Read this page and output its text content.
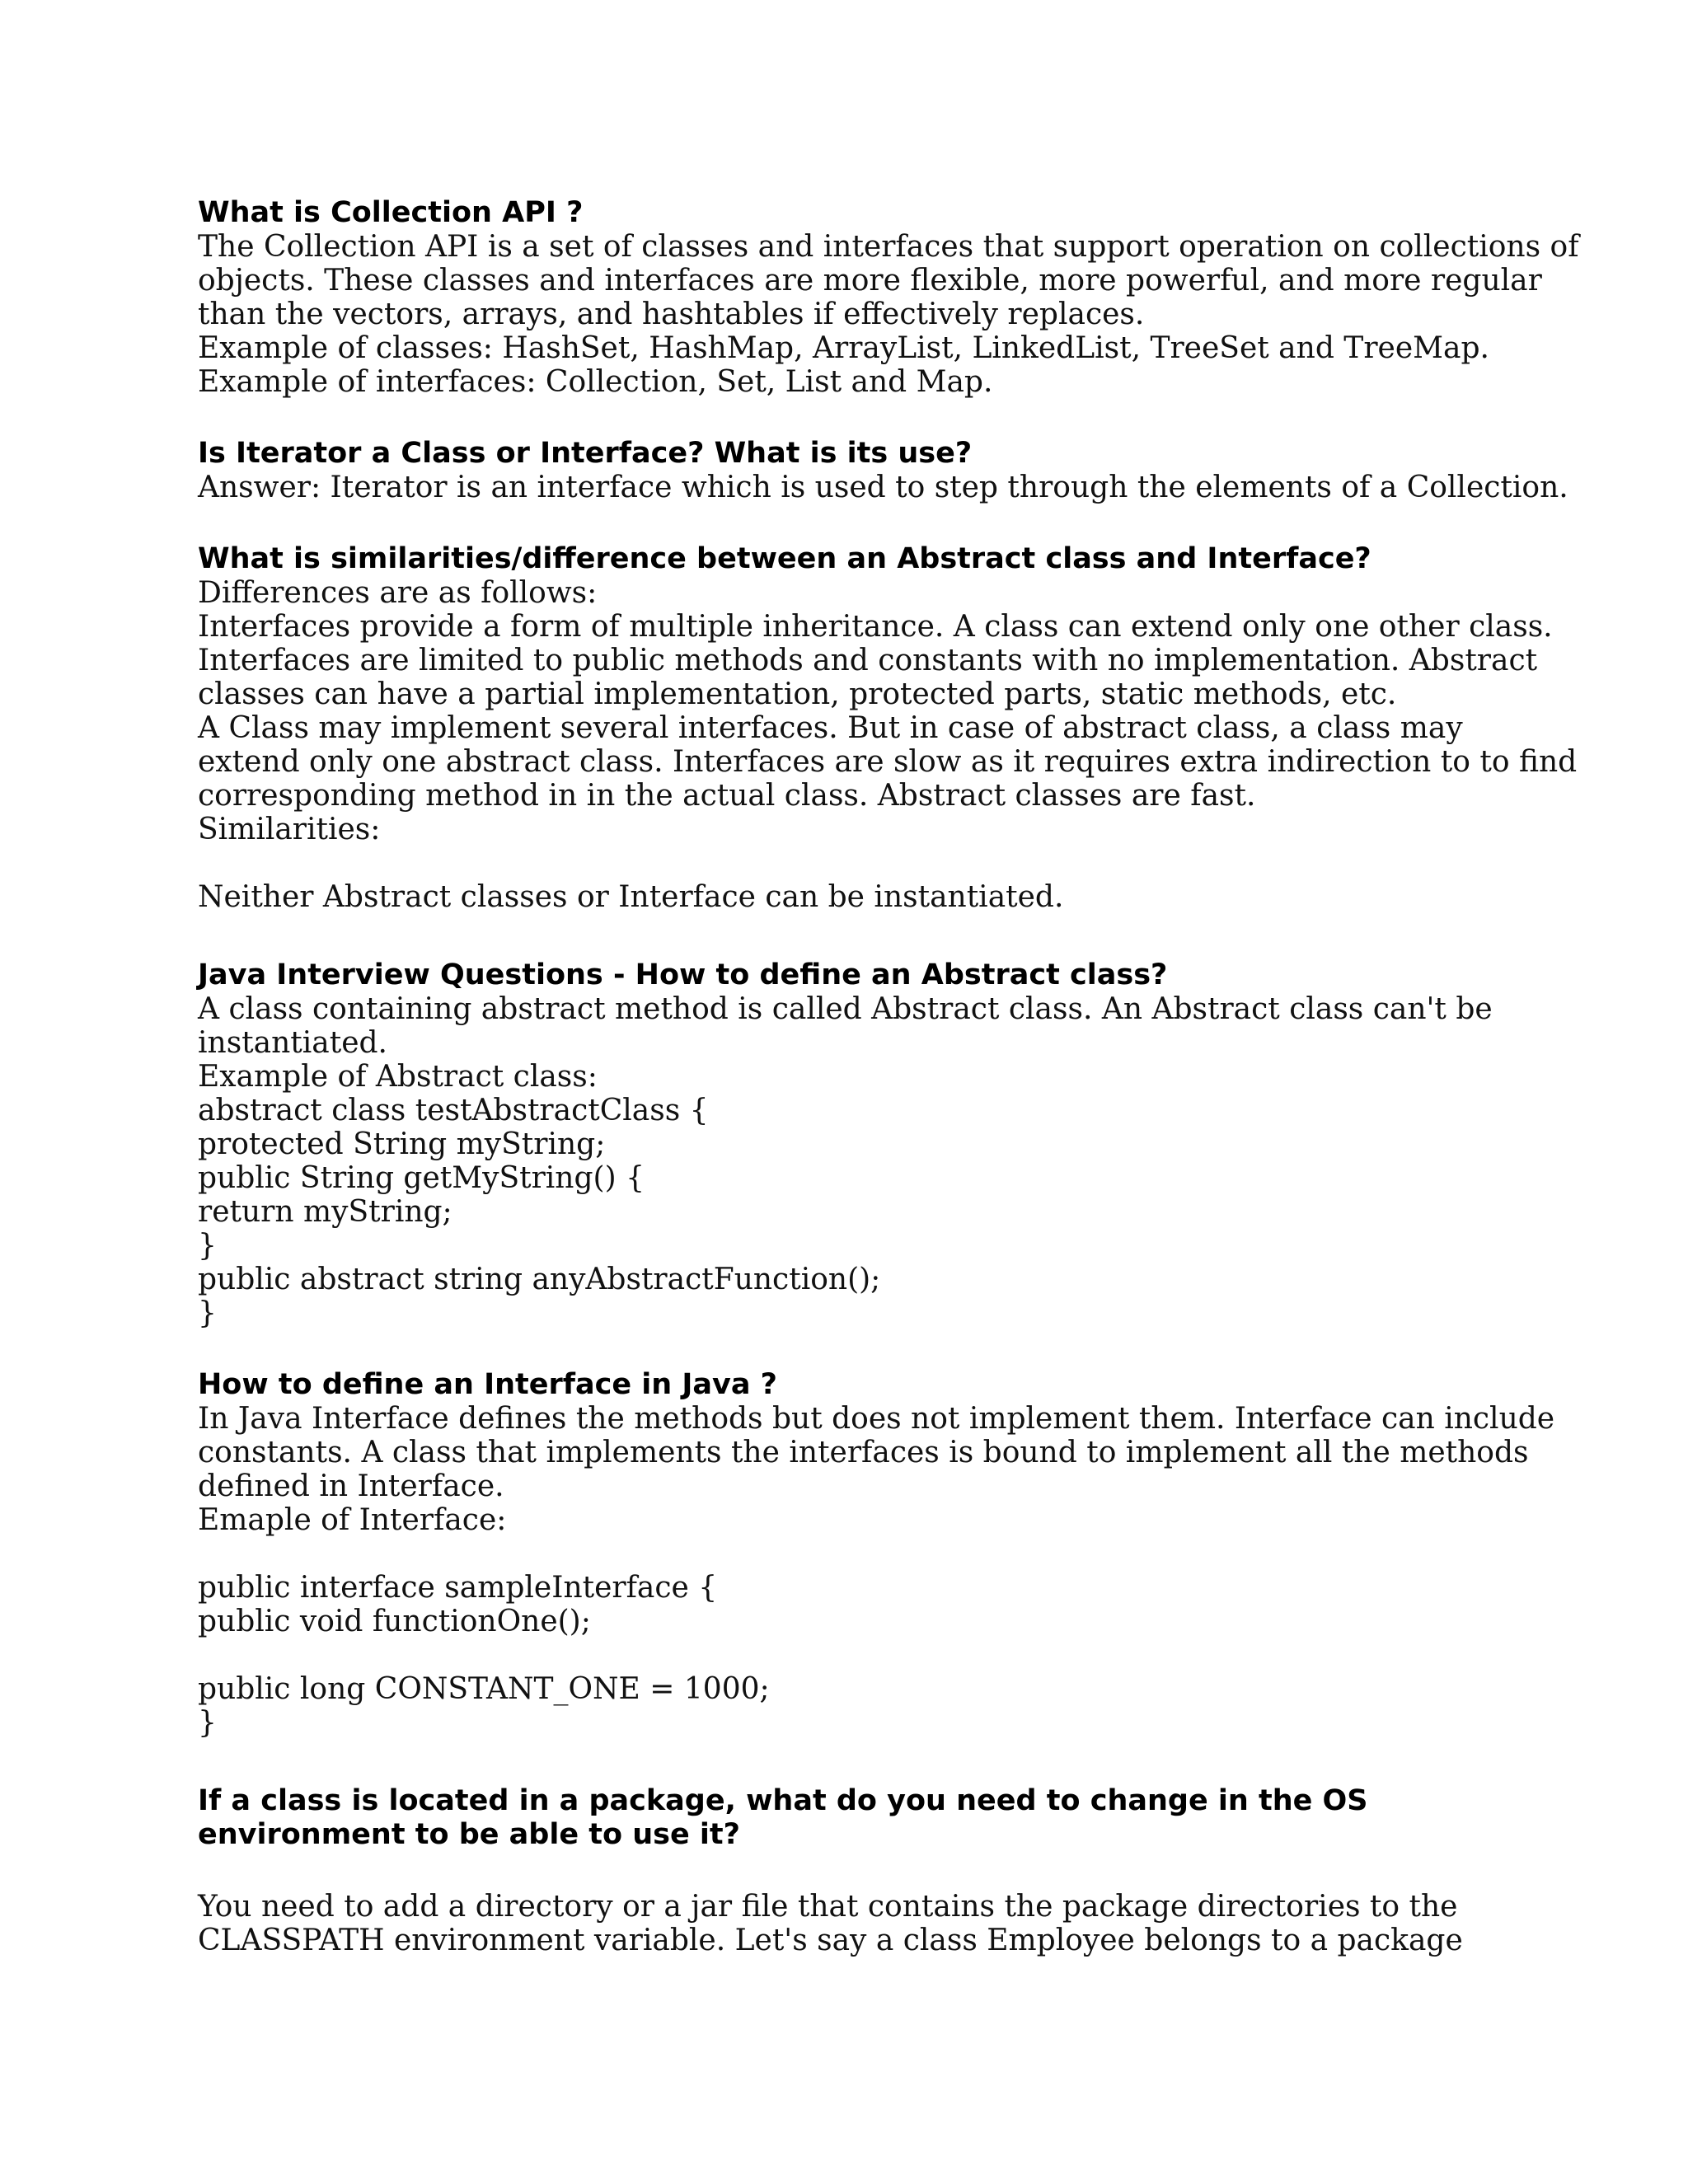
What is Collection API ?

The Collection API is a set of classes and interfaces that support operation on collections of

objects. These classes and interfaces are more flexible, more powerful, and more regular

than the vectors, arrays, and hashtables if effectively replaces.

Example of classes: HashSet, HashMap, ArrayList, LinkedList, TreeSet and TreeMap.

Example of interfaces: Collection, Set, List and Map.

Is Iterator a Class or Interface? What is its use?

Answer: Iterator is an interface which is used to step through the elements of a Collection.

What is similarities/difference between an Abstract class and Interface?

Differences are as follows:

Interfaces provide a form of multiple inheritance. A class can extend only one other class.

Interfaces are limited to public methods and constants with no implementation. Abstract

classes can have a partial implementation, protected parts, static methods, etc.

A Class may implement several interfaces. But in case of abstract class, a class may

extend only one abstract class. Interfaces are slow as it requires extra indirection to to find

corresponding method in in the actual class. Abstract classes are fast.

Similarities:

Neither Abstract classes or Interface can be instantiated.

Java Interview Questions - How to define an Abstract class?

A class containing abstract method is called Abstract class. An Abstract class can't be

instantiated.

Example of Abstract class:

abstract class testAbstractClass {

protected String myString;

public String getMyString() {

return myString;

}

public abstract string anyAbstractFunction();

}

How to define an Interface in Java ?

In Java Interface defines the methods but does not implement them. Interface can include

constants. A class that implements the interfaces is bound to implement all the methods

defined in Interface.

Emaple of Interface:

public interface sampleInterface {

public void functionOne();

public long CONSTANT_ONE = 1000;

}

If a class is located in a package, what do you need to change in the OS

environment to be able to use it?

You need to add a directory or a jar file that contains the package directories to the

CLASSPATH environment variable. Let's say a class Employee belongs to a package
